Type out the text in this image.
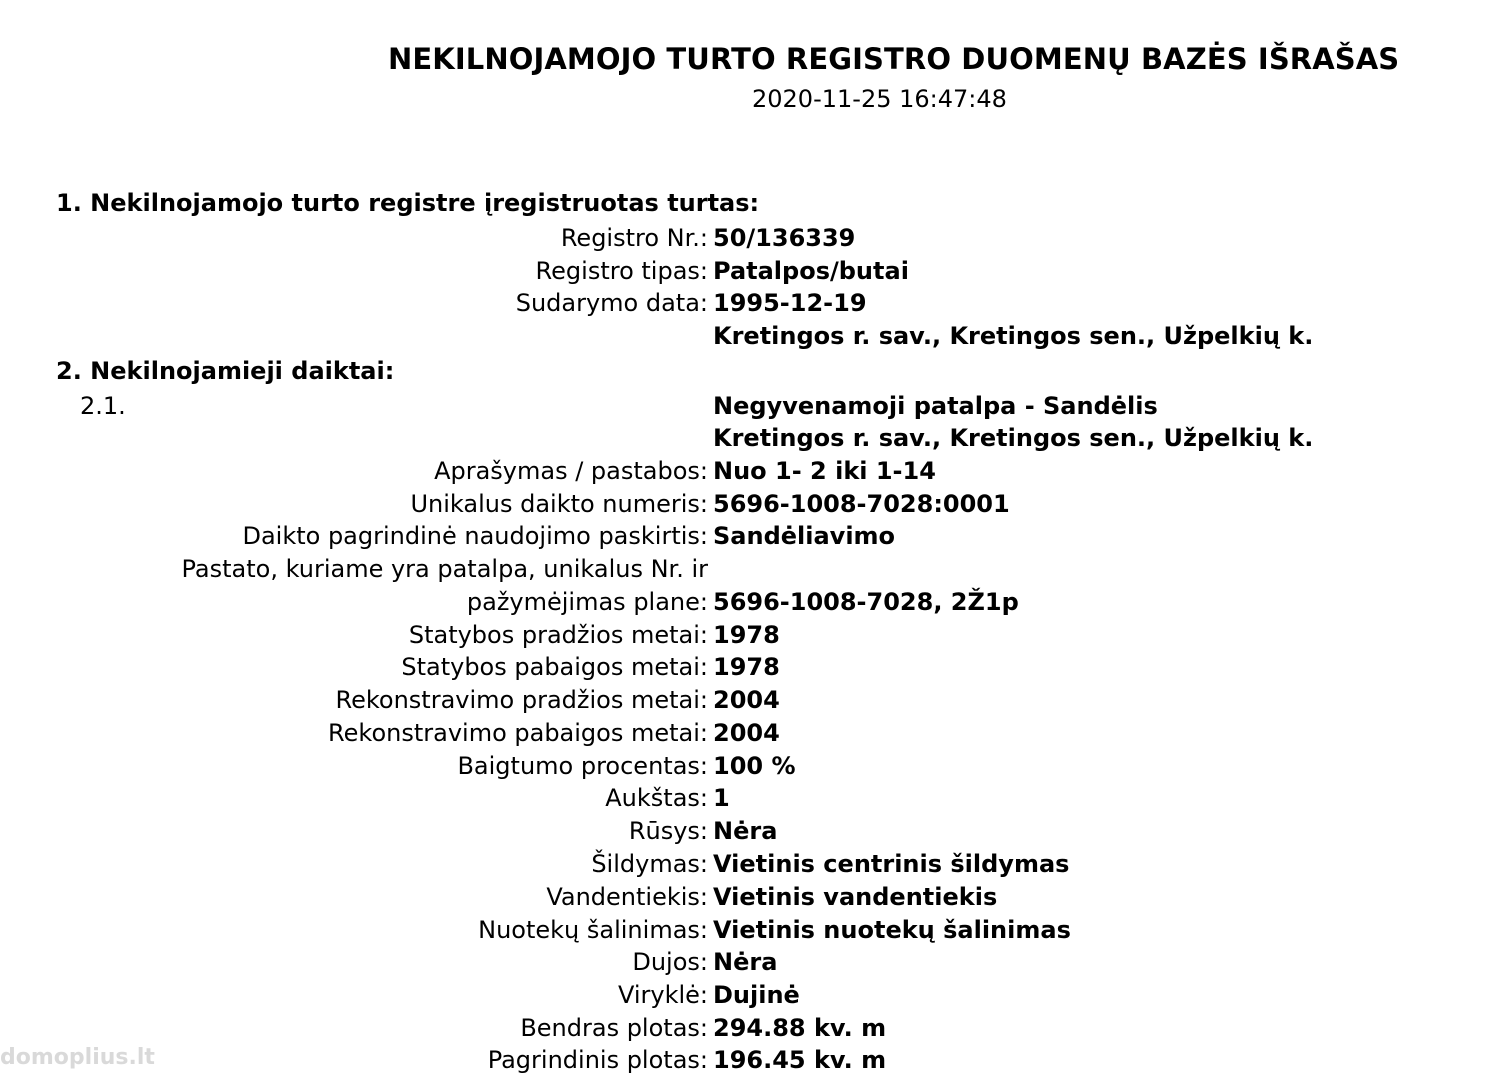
NEKILNOJAMOJO TURTO REGISTRO DUOMENŲ BAZĖS IŠRAŠAS
2020-11-25 16:47:48
1. Nekilnojamojo turto registre įregistruotas turtas:
Registro Nr.: 50/136339
Registro tipas: Patalpos/butai
Sudarymo data: 1995-12-19
Kretingos r. sav., Kretingos sen., Užpelkių k.
2. Nekilnojamieji daiktai:
2.1.	Negyvenamoji patalpa - Sandėlis
Kretingos r. sav., Kretingos sen., Užpelkių k.
Aprašymas / pastabos: Nuo 1- 2 iki 1-14
Unikalus daikto numeris: 5696-1008-7028:0001
Daikto pagrindinė naudojimo paskirtis: Sandėliavimo
Pastato, kuriame yra patalpa, unikalus Nr. ir
pažymėjimas plane: 5696-1008-7028, 2Ž1p
Statybos pradžios metai: 1978
Statybos pabaigos metai: 1978
Rekonstravimo pradžios metai: 2004
Rekonstravimo pabaigos metai: 2004
Baigtumo procentas: 100 %
Aukštas: 1
Rūsys: Nėra
Šildymas: Vietinis centrinis šildymas
Vandentiekis: Vietinis vandentiekis
Nuotekų šalinimas: Vietinis nuotekų šalinimas
Dujos: Nėra
Viryklė: Dujinė
Bendras plotas: 294.88 kv. m
Pagrindinis plotas: 196.45 kv. m
domoplius.lt
